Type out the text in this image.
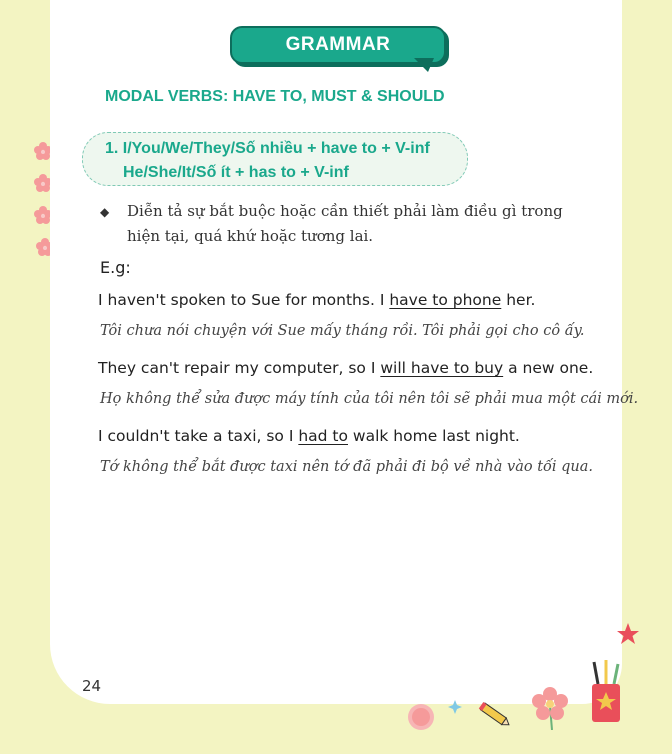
GRAMMAR
MODAL VERBS: HAVE TO, MUST & SHOULD
1. I/You/We/They/Số nhiều + have to + V-inf
He/She/It/Số ít + has to + V-inf
◆ Diễn tả sự bắt buộc hoặc cần thiết phải làm điều gì trong hiện tại, quá khứ hoặc tương lai.
E.g:
I haven't spoken to Sue for months. I have to phone her.
Tôi chưa nói chuyện với Sue mấy tháng rồi. Tôi phải gọi cho cô ấy.
They can't repair my computer, so I will have to buy a new one.
Họ không thể sửa được máy tính của tôi nên tôi sẽ phải mua một cái mới.
I couldn't take a taxi, so I had to walk home last night.
Tớ không thể bắt được taxi nên tớ đã phải đi bộ về nhà vào tối qua.
24
